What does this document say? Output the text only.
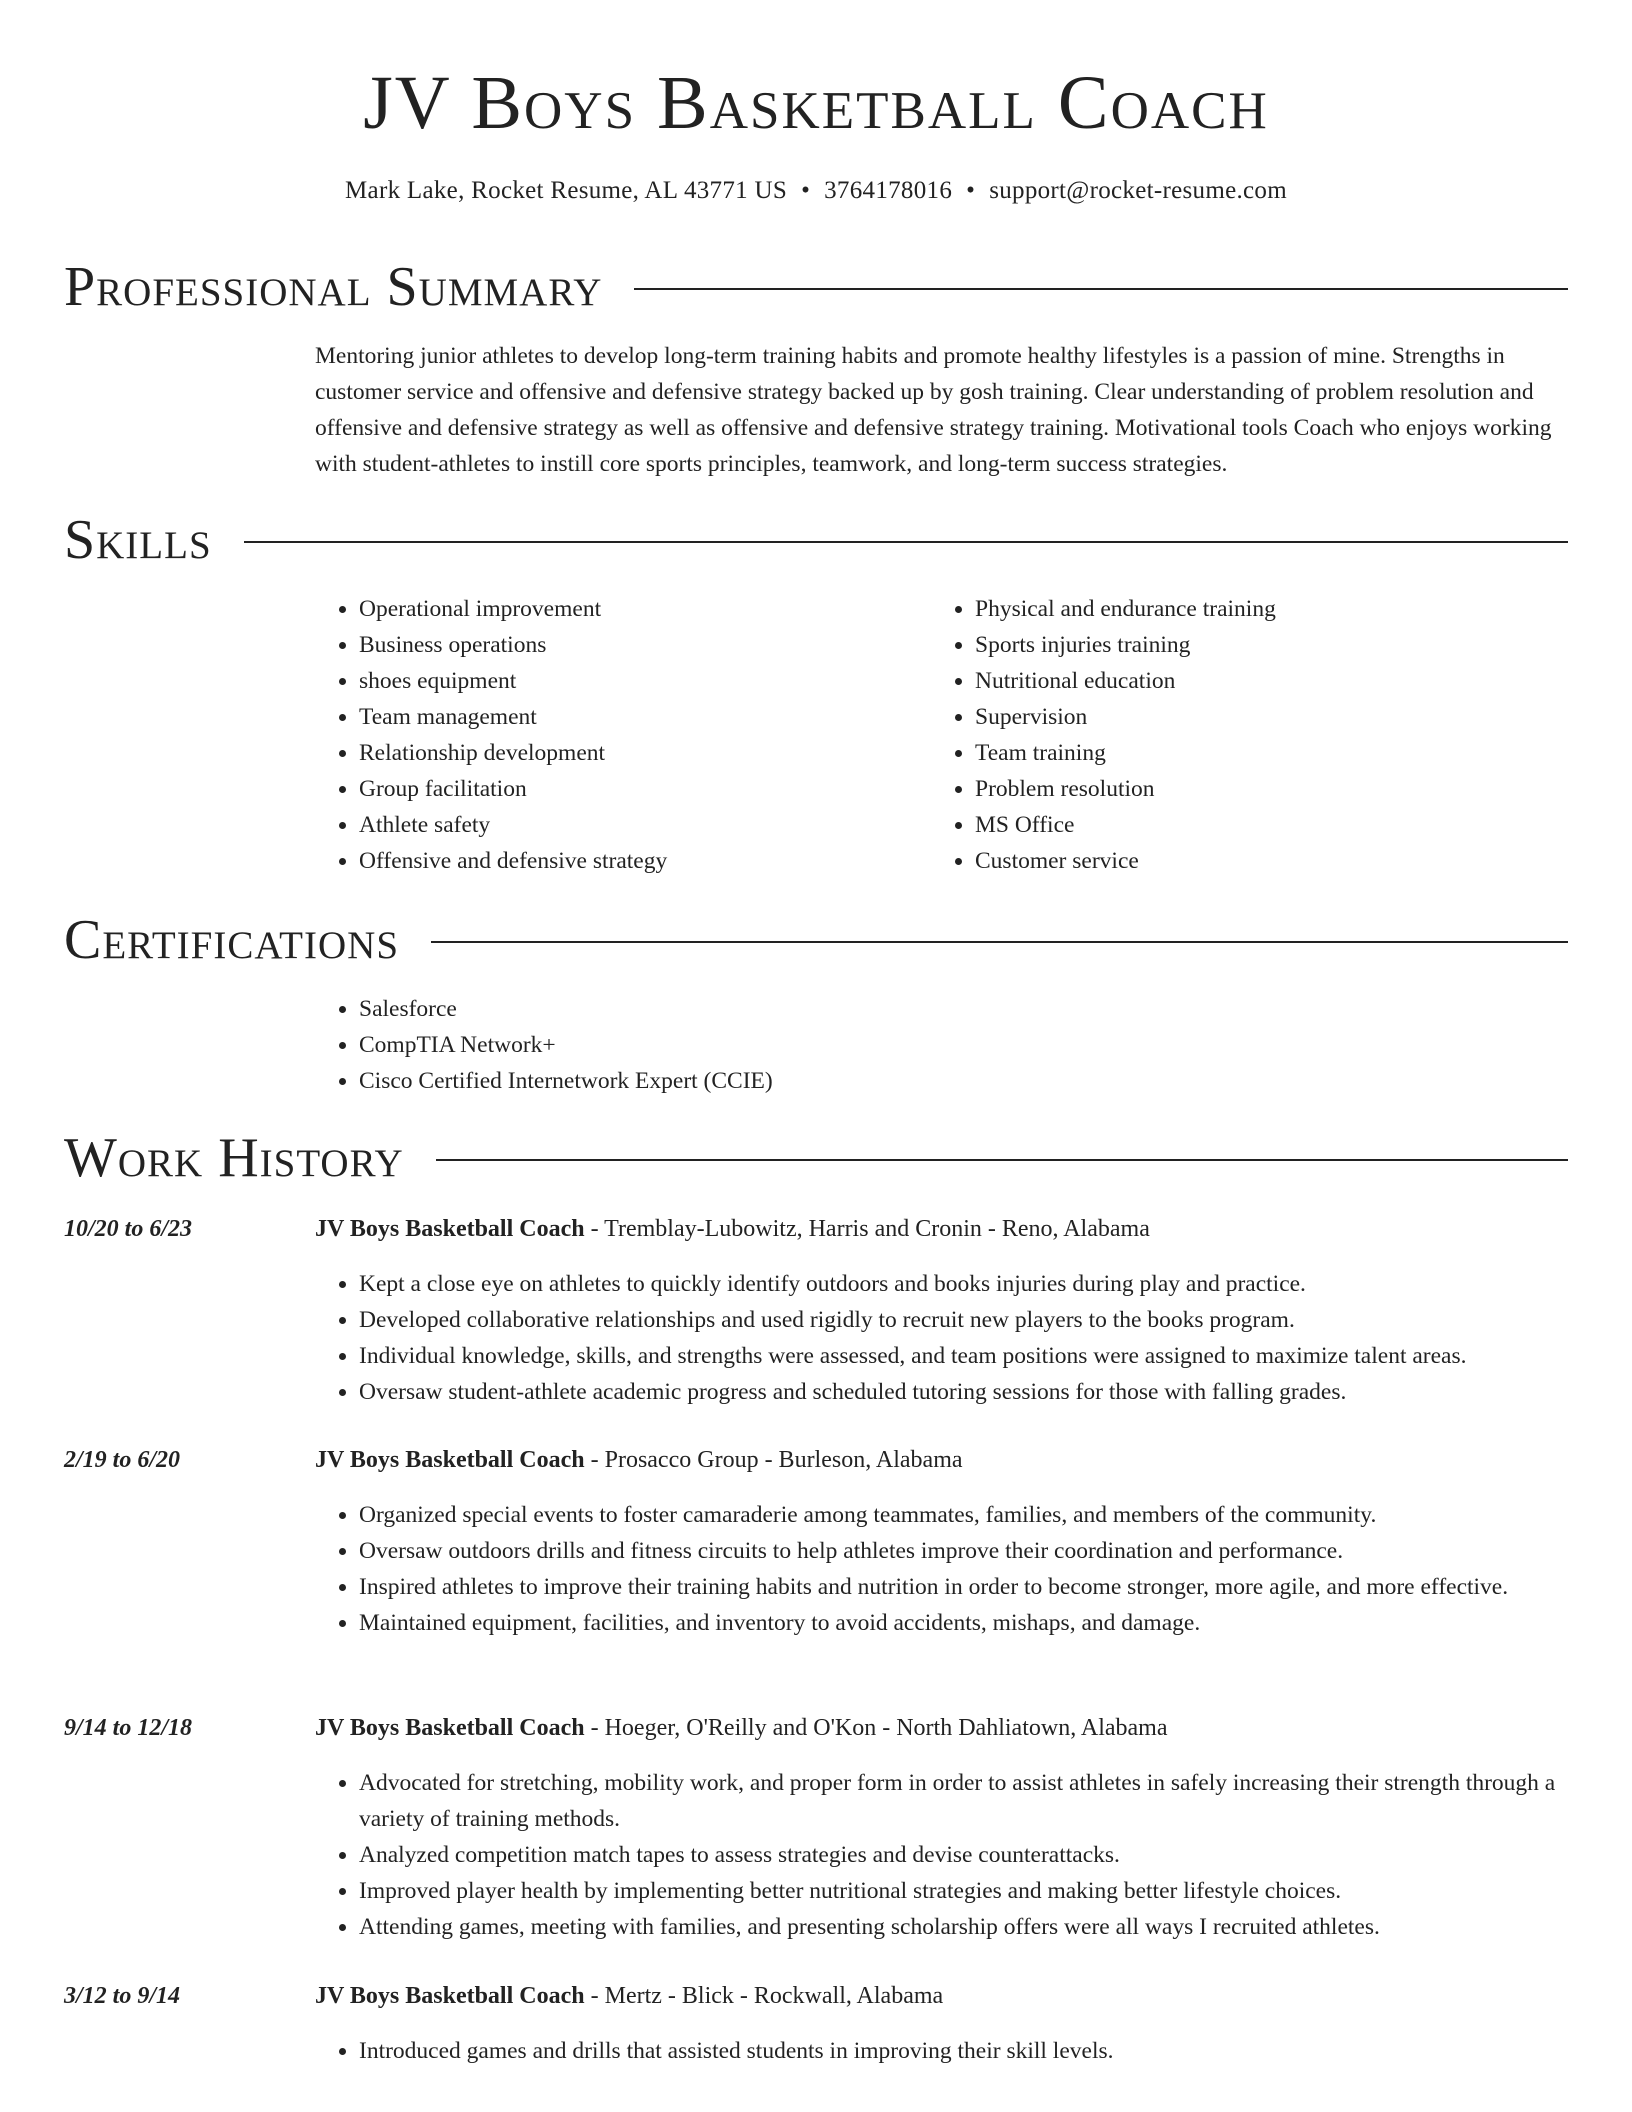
JV Boys Basketball Coach
Mark Lake, Rocket Resume, AL 43771 US • 3764178016 • support@rocket-resume.com
Professional Summary
Mentoring junior athletes to develop long-term training habits and promote healthy lifestyles is a passion of mine. Strengths in customer service and offensive and defensive strategy backed up by gosh training. Clear understanding of problem resolution and offensive and defensive strategy as well as offensive and defensive strategy training. Motivational tools Coach who enjoys working with student-athletes to instill core sports principles, teamwork, and long-term success strategies.
Skills
• Operational improvement
• Business operations
• shoes equipment
• Team management
• Relationship development
• Group facilitation
• Athlete safety
• Offensive and defensive strategy
• Physical and endurance training
• Sports injuries training
• Nutritional education
• Supervision
• Team training
• Problem resolution
• MS Office
• Customer service
Certifications
• Salesforce
• CompTIA Network+
• Cisco Certified Internetwork Expert (CCIE)
Work History
10/20 to 6/23	JV Boys Basketball Coach - Tremblay-Lubowitz, Harris and Cronin - Reno, Alabama
• Kept a close eye on athletes to quickly identify outdoors and books injuries during play and practice.
• Developed collaborative relationships and used rigidly to recruit new players to the books program.
• Individual knowledge, skills, and strengths were assessed, and team positions were assigned to maximize talent areas.
• Oversaw student-athlete academic progress and scheduled tutoring sessions for those with falling grades.
2/19 to 6/20	JV Boys Basketball Coach - Prosacco Group - Burleson, Alabama
• Organized special events to foster camaraderie among teammates, families, and members of the community.
• Oversaw outdoors drills and fitness circuits to help athletes improve their coordination and performance.
• Inspired athletes to improve their training habits and nutrition in order to become stronger, more agile, and more effective.
• Maintained equipment, facilities, and inventory to avoid accidents, mishaps, and damage.
9/14 to 12/18	JV Boys Basketball Coach - Hoeger, O'Reilly and O'Kon - North Dahliatown, Alabama
• Advocated for stretching, mobility work, and proper form in order to assist athletes in safely increasing their strength through a variety of training methods.
• Analyzed competition match tapes to assess strategies and devise counterattacks.
• Improved player health by implementing better nutritional strategies and making better lifestyle choices.
• Attending games, meeting with families, and presenting scholarship offers were all ways I recruited athletes.
3/12 to 9/14	JV Boys Basketball Coach - Mertz - Blick - Rockwall, Alabama
• Introduced games and drills that assisted students in improving their skill levels.
